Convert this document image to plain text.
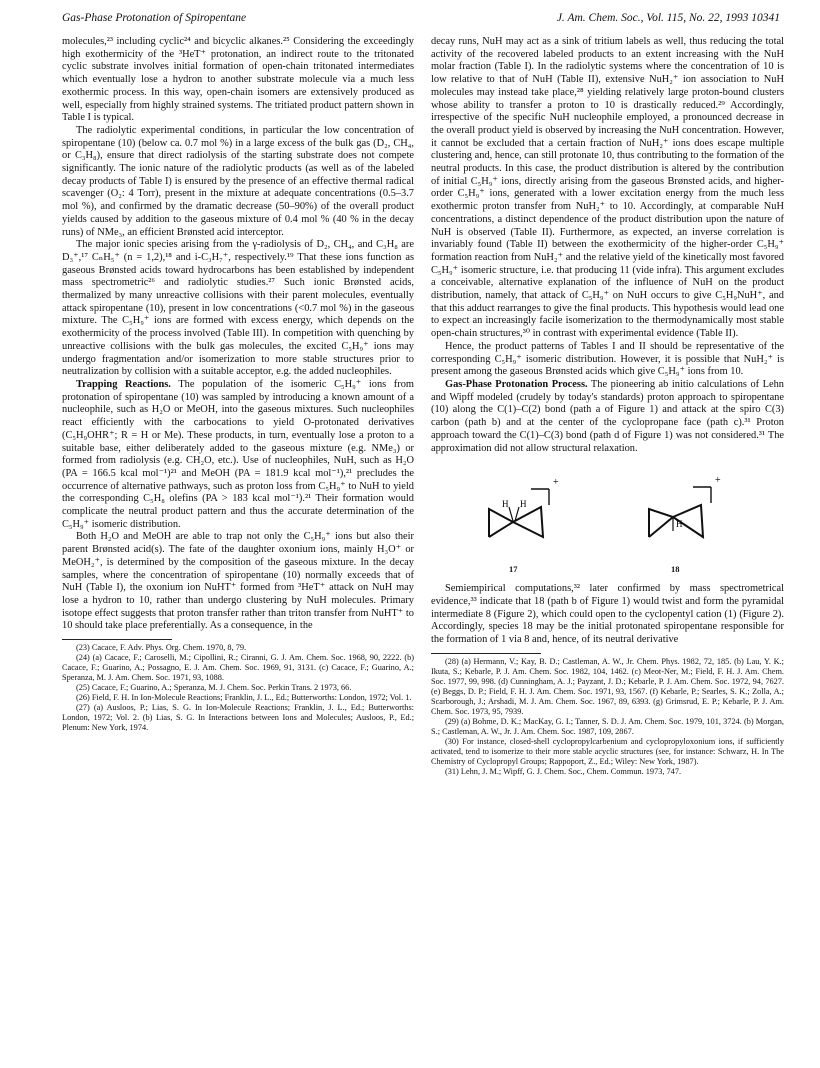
Gas-Phase Protonation of Spiropentane	J. Am. Chem. Soc., Vol. 115, No. 22, 1993 10341

molecules,²³ including cyclic²⁴ and bicyclic alkanes.²⁵ Considering the exceedingly high exothermicity of the ³HeT⁺ protonation, an indirect route to the tritonated cyclic substrate involves initial formation of open-chain tritonated intermediates which eventually lose a hydron to another substrate molecule via a much less exothermic process. In this way, open-chain isomers are extensively produced as well, especially from highly strained systems. The tritiated product pattern shown in Table I is typical.

The radiolytic experimental conditions, in particular the low concentration of spiropentane (10) (below ca. 0.7 mol %) in a large excess of the bulk gas (D₂, CH₄, or C₃H₈), ensure that direct radiolysis of the starting substrate does not compete significantly. The ionic nature of the radiolytic products (as well as of the labeled decay products of Table I) is ensured by the presence of an effective thermal radical scavenger (O₂: 4 Torr), present in the mixture at adequate concentrations (0.5–3.7 mol %), and confirmed by the dramatic decrease (50–90%) of the overall product yields caused by addition to the gaseous mixture of 0.4 mol % (40 % in the decay runs) of NMe₃, an efficient Brønsted acid interceptor.

The major ionic species arising from the γ-radiolysis of D₂, CH₄, and C₃H₈ are D₃⁺,¹⁷ CₙH₅⁺ (n = 1,2),¹⁸ and i-C₃H₇⁺, respectively.¹⁹ That these ions function as gaseous Brønsted acids toward hydrocarbons has been established by independent mass spectrometric²⁶ and radiolytic studies.²⁷ Such ionic Brønsted acids, thermalized by many unreactive collisions with their parent molecules, eventually attack spiropentane (10), present in low concentrations (<0.7 mol %) in the gaseous mixture. The C₅H₉⁺ ions are formed with excess energy, which depends on the exothermicity of the process involved (Table III). In competition with quenching by unreactive collisions with the bulk gas molecules, the excited C₅H₉⁺ ions may undergo fragmentation and/or isomerization to more stable structures prior to neutralization by collision with a suitable acceptor, e.g. the added nucleophiles.

Trapping Reactions. The population of the isomeric C₅H₉⁺ ions from protonation of spiropentane (10) was sampled by introducing a known amount of a nucleophile, such as H₂O or MeOH, into the gaseous mixtures. Such nucleophiles react efficiently with the carbocations to yield O-protonated derivatives (C₅H₉OHR⁺; R = H or Me). These products, in turn, eventually lose a proton to a suitable base, either deliberately added to the gaseous mixture (e.g. NMe₃) or formed from radiolysis (e.g. CH₂O, etc.). Use of nucleophiles, NuH, such as H₂O (PA = 166.5 kcal mol⁻¹)²¹ and MeOH (PA = 181.9 kcal mol⁻¹),²¹ precludes the occurrence of alternative pathways, such as proton loss from C₅H₉⁺ to NuH to yield the corresponding C₅H₈ olefins (PA > 183 kcal mol⁻¹).²¹ Their formation would complicate the neutral product pattern and thus the accurate determination of the C₅H₉⁺ isomeric distribution.

Both H₂O and MeOH are able to trap not only the C₅H₉⁺ ions but also their parent Brønsted acid(s). The fate of the daughter oxonium ions, mainly H₃O⁺ or MeOH₂⁺, is determined by the composition of the gaseous mixture. In the decay samples, where the concentration of spiropentane (10) normally exceeds that of NuH (Table I), the oxonium ion NuHT⁺ formed from ³HeT⁺ attack on NuH may lose a hydron to 10, rather than undergo clustering by NuH molecules. Primary isotope effect suggests that proton transfer rather than triton transfer from NuHT⁺ to 10 should take place preferentially. As a consequence, in the

(23) Cacace, F. Adv. Phys. Org. Chem. 1970, 8, 79.

(24) (a) Cacace, F.; Caroselli, M.; Cipollini, R.; Ciranni, G. J. Am. Chem. Soc. 1968, 90, 2222. (b) Cacace, F.; Guarino, A.; Possagno, E. J. Am. Chem. Soc. 1969, 91, 3131. (c) Cacace, F.; Guarino, A.; Speranza, M. J. Am. Chem. Soc. 1971, 93, 1088.

(25) Cacace, F.; Guarino, A.; Speranza, M. J. Chem. Soc. Perkin Trans. 2 1973, 66.

(26) Field, F. H. In Ion-Molecule Reactions; Franklin, J. L., Ed.; Butterworths: London, 1972; Vol. 1.

(27) (a) Ausloos, P.; Lias, S. G. In Ion-Molecule Reactions; Franklin, J. L., Ed.; Butterworths: London, 1972; Vol. 2. (b) Lias, S. G. In Interactions between Ions and Molecules; Ausloos, P., Ed.; Plenum: New York, 1974.

decay runs, NuH may act as a sink of tritium labels as well, thus reducing the total activity of the recovered labeled products to an extent increasing with the NuH molar fraction (Table I). In the radiolytic systems where the concentration of 10 is low relative to that of NuH (Table II), extensive NuH₂⁺ ion association to NuH molecules may instead take place,²⁸ yielding relatively large proton-bound clusters whose ability to transfer a proton to 10 is drastically reduced.²⁹ Accordingly, irrespective of the specific NuH nucleophile employed, a pronounced decrease in the overall product yield is observed by increasing the NuH concentration. However, it cannot be excluded that a certain fraction of NuH₂⁺ ions does escape multiple clustering and, hence, can still protonate 10, thus contributing to the formation of the neutral products. In this case, the product distribution is altered by the contribution of initial C₅H₉⁺ ions, directly arising from the gaseous Brønsted acids, and higher-order C₅H₉⁺ ions, generated with a lower excitation energy from the much less exothermic proton transfer from NuH₂⁺ to 10. Accordingly, at comparable NuH concentrations, a distinct dependence of the product distribution upon the nature of NuH is observed (Table II). Furthermore, as expected, an inverse correlation is invariably found (Table II) between the exothermicity of the higher-order C₅H₉⁺ formation reaction from NuH₂⁺ and the relative yield of the kinetically most favored C₅H₉⁺ isomeric structure, i.e. that producing 11 (vide infra). This argument excludes a conceivable, alternative explanation of the influence of NuH on the product distribution, namely, that attack of C₅H₉⁺ on NuH occurs to give C₅H₉NuH⁺, and that this adduct rearranges to give the final products. This hypothesis would lead one to expect an increasingly facile isomerization to the thermodynamically most stable open-chain structures,³⁰ in contrast with experimental evidence (Table II).

Hence, the product patterns of Tables I and II should be representative of the corresponding C₅H₉⁺ isomeric distribution. However, it is possible that NuH₂⁺ is present among the gaseous Brønsted acids which give C₅H₉⁺ ions from 10.

Gas-Phase Protonation Process. The pioneering ab initio calculations of Lehn and Wipff modeled (crudely by today's standards) proton approach to spiropentane (10) along the C(1)–C(2) bond (path a of Figure 1) and attack at the spiro C(3) carbon (path b) and at the center of the cyclopropane face (path c).³¹ Proton approach toward the C(1)–C(3) bond (path d of Figure 1) was not considered.³¹ The approximation did not allow structural relaxation.

+
H H
17
+
H
18

Semiempirical computations,³² later confirmed by mass spectrometrical evidence,³³ indicate that 18 (path b of Figure 1) would twist and form the pyramidal intermediate 8 (Figure 2), which could open to the cyclopentyl cation (1) (Figure 2). Accordingly, species 18 may be the initial protonated spiropentane responsible for the formation of 1 via 8 and, hence, of its neutral derivative

(28) (a) Hermann, V.; Kay, B. D.; Castleman, A. W., Jr. Chem. Phys. 1982, 72, 185. (b) Lau, Y. K.; Ikuta, S.; Kebarle, P. J. Am. Chem. Soc. 1982, 104, 1462. (c) Meot-Ner, M.; Field, F. H. J. Am. Chem. Soc. 1977, 99, 998. (d) Cunningham, A. J.; Payzant, J. D.; Kebarle, P. J. Am. Chem. Soc. 1972, 94, 7627. (e) Beggs, D. P.; Field, F. H. J. Am. Chem. Soc. 1971, 93, 1567. (f) Kebarle, P.; Searles, S. K.; Zolla, A.; Scarborough, J.; Arshadi, M. J. Am. Chem. Soc. 1967, 89, 6393. (g) Grimsrud, E. P.; Kebarle, P. J. Am. Chem. Soc. 1973, 95, 7939.

(29) (a) Bohme, D. K.; MacKay, G. I.; Tanner, S. D. J. Am. Chem. Soc. 1979, 101, 3724. (b) Morgan, S.; Castleman, A. W., Jr. J. Am. Chem. Soc. 1987, 109, 2867.

(30) For instance, closed-shell cyclopropylcarbenium and cyclopropyloxonium ions, if sufficiently activated, tend to isomerize to their more stable acyclic structures (see, for instance: Schwarz, H. In The Chemistry of Cyclopropyl Groups; Rappoport, Z., Ed.; Wiley: New York, 1987).

(31) Lehn, J. M.; Wipff, G. J. Chem. Soc., Chem. Commun. 1973, 747.
